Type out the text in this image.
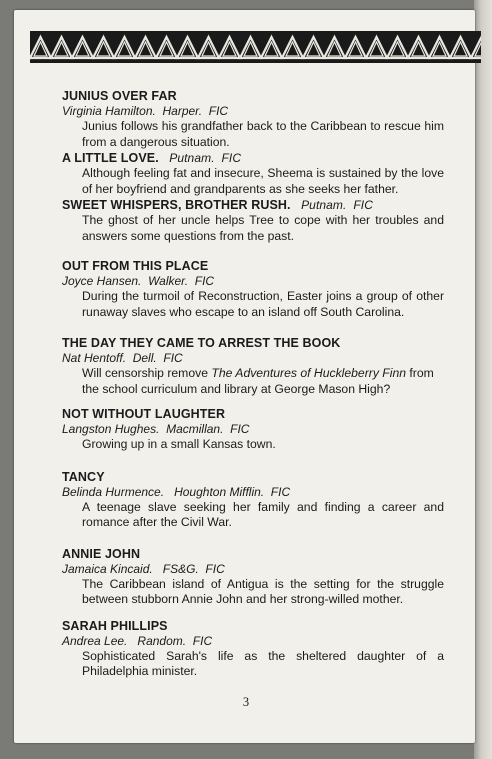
JUNIUS OVER FAR
Virginia Hamilton. Harper. FIC
Junius follows his grandfather back to the Caribbean to rescue him from a dangerous situation.
A LITTLE LOVE. Putnam. FIC
Although feeling fat and insecure, Sheema is sustained by the love of her boyfriend and grandparents as she seeks her father.
SWEET WHISPERS, BROTHER RUSH. Putnam. FIC
The ghost of her uncle helps Tree to cope with her troubles and answers some questions from the past.
OUT FROM THIS PLACE
Joyce Hansen. Walker. FIC
During the turmoil of Reconstruction, Easter joins a group of other runaway slaves who escape to an island off South Carolina.
THE DAY THEY CAME TO ARREST THE BOOK
Nat Hentoff. Dell. FIC
Will censorship remove The Adventures of Huckleberry Finn from the school curriculum and library at George Mason High?
NOT WITHOUT LAUGHTER
Langston Hughes. Macmillan. FIC
Growing up in a small Kansas town.
TANCY
Belinda Hurmence. Houghton Mifflin. FIC
A teenage slave seeking her family and finding a career and romance after the Civil War.
ANNIE JOHN
Jamaica Kincaid. FS&G. FIC
The Caribbean island of Antigua is the setting for the struggle between stubborn Annie John and her strong-willed mother.
SARAH PHILLIPS
Andrea Lee. Random. FIC
Sophisticated Sarah's life as the sheltered daughter of a Philadelphia minister.
3
